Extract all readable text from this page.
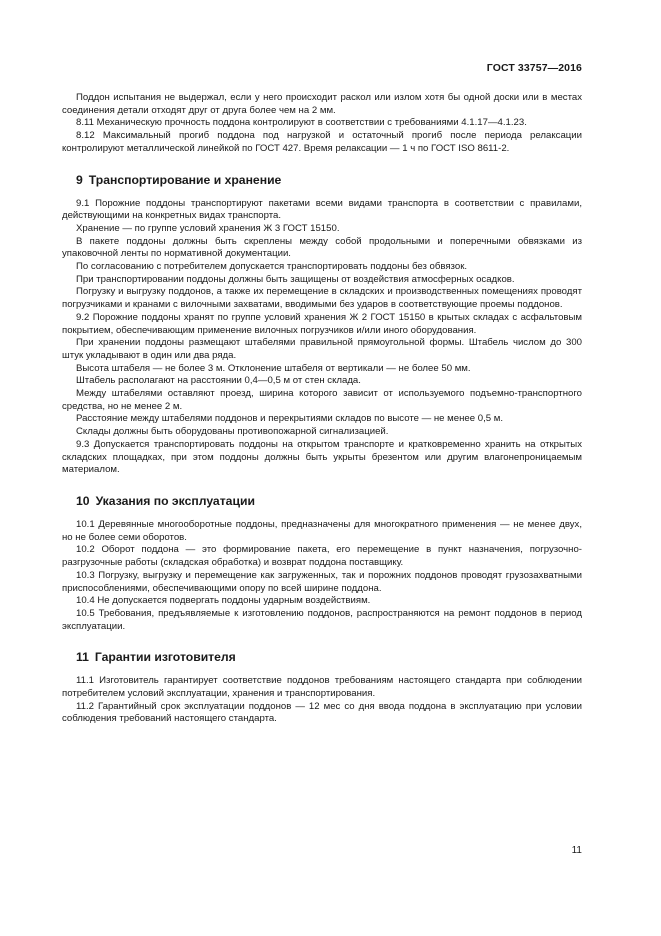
ГОСТ 33757—2016

Поддон испытания не выдержал, если у него происходит раскол или излом хотя бы одной доски или в местах соединения детали отходят друг от друга более чем на 2 мм.

8.11 Механическую прочность поддона контролируют в соответствии с требованиями 4.1.17—4.1.23.

8.12 Максимальный прогиб поддона под нагрузкой и остаточный прогиб после периода релаксации контролируют металлической линейкой по ГОСТ 427. Время релаксации — 1 ч по ГОСТ ISO 8611-2.

9 Транспортирование и хранение

9.1 Порожние поддоны транспортируют пакетами всеми видами транспорта в соответствии с правилами, действующими на конкретных видах транспорта.

Хранение — по группе условий хранения Ж 3 ГОСТ 15150.

В пакете поддоны должны быть скреплены между собой продольными и поперечными обвязками из упаковочной ленты по нормативной документации.

По согласованию с потребителем допускается транспортировать поддоны без обвязок.

При транспортировании поддоны должны быть защищены от воздействия атмосферных осадков.

Погрузку и выгрузку поддонов, а также их перемещение в складских и производственных помещениях проводят погрузчиками и кранами с вилочными захватами, вводимыми без ударов в соответствующие проемы поддонов.

9.2 Порожние поддоны хранят по группе условий хранения Ж 2 ГОСТ 15150 в крытых складах с асфальтовым покрытием, обеспечивающим применение вилочных погрузчиков и/или иного оборудования.

При хранении поддоны размещают штабелями правильной прямоугольной формы. Штабель числом до 300 штук укладывают в один или два ряда.

Высота штабеля — не более 3 м. Отклонение штабеля от вертикали — не более 50 мм.

Штабель располагают на расстоянии 0,4—0,5 м от стен склада.

Между штабелями оставляют проезд, ширина которого зависит от используемого подъемно-транспортного средства, но не менее 2 м.

Расстояние между штабелями поддонов и перекрытиями складов по высоте — не менее 0,5 м.

Склады должны быть оборудованы противопожарной сигнализацией.

9.3 Допускается транспортировать поддоны на открытом транспорте и кратковременно хранить на открытых складских площадках, при этом поддоны должны быть укрыты брезентом или другим влагонепроницаемым материалом.

10 Указания по эксплуатации

10.1 Деревянные многооборотные поддоны, предназначены для многократного применения — не менее двух, но не более семи оборотов.

10.2 Оборот поддона — это формирование пакета, его перемещение в пункт назначения, погрузочно-разгрузочные работы (складская обработка) и возврат поддона поставщику.

10.3 Погрузку, выгрузку и перемещение как загруженных, так и порожних поддонов проводят грузозахватными приспособлениями, обеспечивающими опору по всей ширине поддона.

10.4 Не допускается подвергать поддоны ударным воздействиям.

10.5 Требования, предъявляемые к изготовлению поддонов, распространяются на ремонт поддонов в период эксплуатации.

11 Гарантии изготовителя

11.1 Изготовитель гарантирует соответствие поддонов требованиям настоящего стандарта при соблюдении потребителем условий эксплуатации, хранения и транспортирования.

11.2 Гарантийный срок эксплуатации поддонов — 12 мес со дня ввода поддона в эксплуатацию при условии соблюдения требований настоящего стандарта.

11
